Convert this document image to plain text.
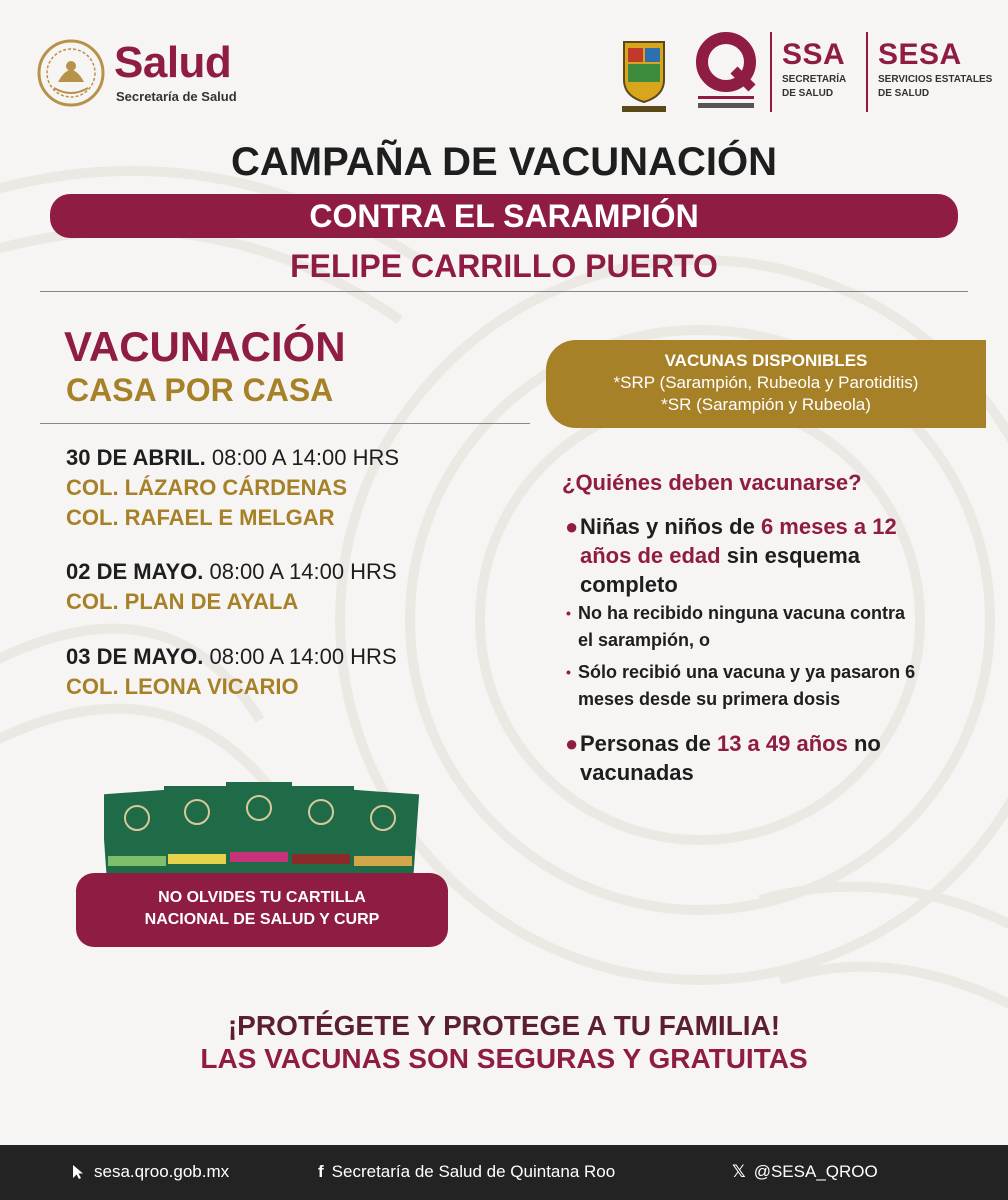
Salud
Secretaría de Salud
SSA
SECRETARÍA
DE SALUD
SESA
SERVICIOS ESTATALES
DE SALUD
CAMPAÑA DE VACUNACIÓN
CONTRA EL SARAMPIÓN
FELIPE CARRILLO PUERTO
VACUNACIÓN
CASA POR CASA
30 DE ABRIL. 08:00 A 14:00 HRS
COL. LÁZARO CÁRDENAS
COL. RAFAEL E MELGAR
02 DE MAYO. 08:00 A 14:00 HRS
COL. PLAN DE AYALA
03 DE MAYO. 08:00 A 14:00 HRS
COL. LEONA VICARIO
VACUNAS DISPONIBLES
*SRP (Sarampión, Rubeola y Parotiditis)
*SR (Sarampión y Rubeola)
¿Quiénes deben vacunarse?
● Niñas y niños de 6 meses a 12
años de edad sin esquema
completo
• No ha recibido ninguna vacuna contra
el sarampión, o
• Sólo recibió una vacuna y ya pasaron 6
meses desde su primera dosis
● Personas de 13 a 49 años no
vacunadas
NO OLVIDES TU CARTILLA
NACIONAL DE SALUD Y CURP
¡PROTÉGETE Y PROTEGE A TU FAMILIA!
LAS VACUNAS SON SEGURAS Y GRATUITAS
sesa.qroo.gob.mx	f Secretaría de Salud de Quintana Roo	𝕏 @SESA_QROO
